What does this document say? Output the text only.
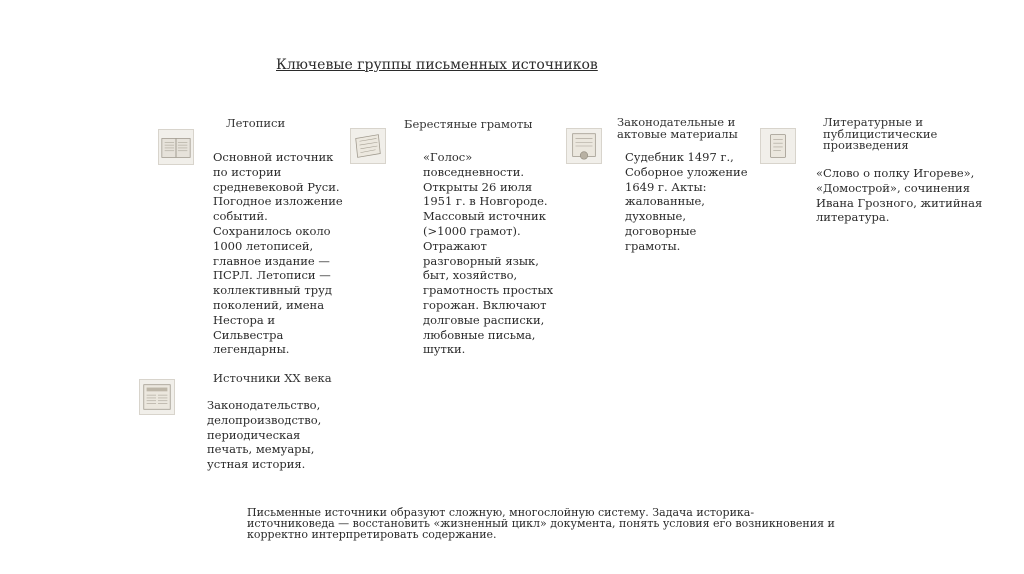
Ключевые группы письменных источников
Летописи
Основной источник по истории средневековой Руси. Погодное изложение событий. Сохранилось около 1000 летописей, главное издание — ПСРЛ. Летописи — коллективный труд поколений, имена Нестора и Сильвестра легендарны.
Берестяные грамоты
«Голос» повседневности. Открыты 26 июля 1951 г. в Новгороде. Массовый источник (>1000 грамот). Отражают разговорный язык, быт, хозяйство, грамотность простых горожан. Включают долговые расписки, любовные письма, шутки.
Законодательные и актовые материалы
Судебник 1497 г., Соборное уложение 1649 г. Акты: жалованные, духовные, договорные грамоты.
Литературные и публицистические произведения
«Слово о полку Игореве», «Домострой», сочинения Ивана Грозного, житийная литература.
Источники XX века
Законодательство, делопроизводство, периодическая печать, мемуары, устная история.
Письменные источники образуют сложную, многослойную систему. Задача историка-источниковеда — восстановить «жизненный цикл» документа, понять условия его возникновения и корректно интерпретировать содержание.
